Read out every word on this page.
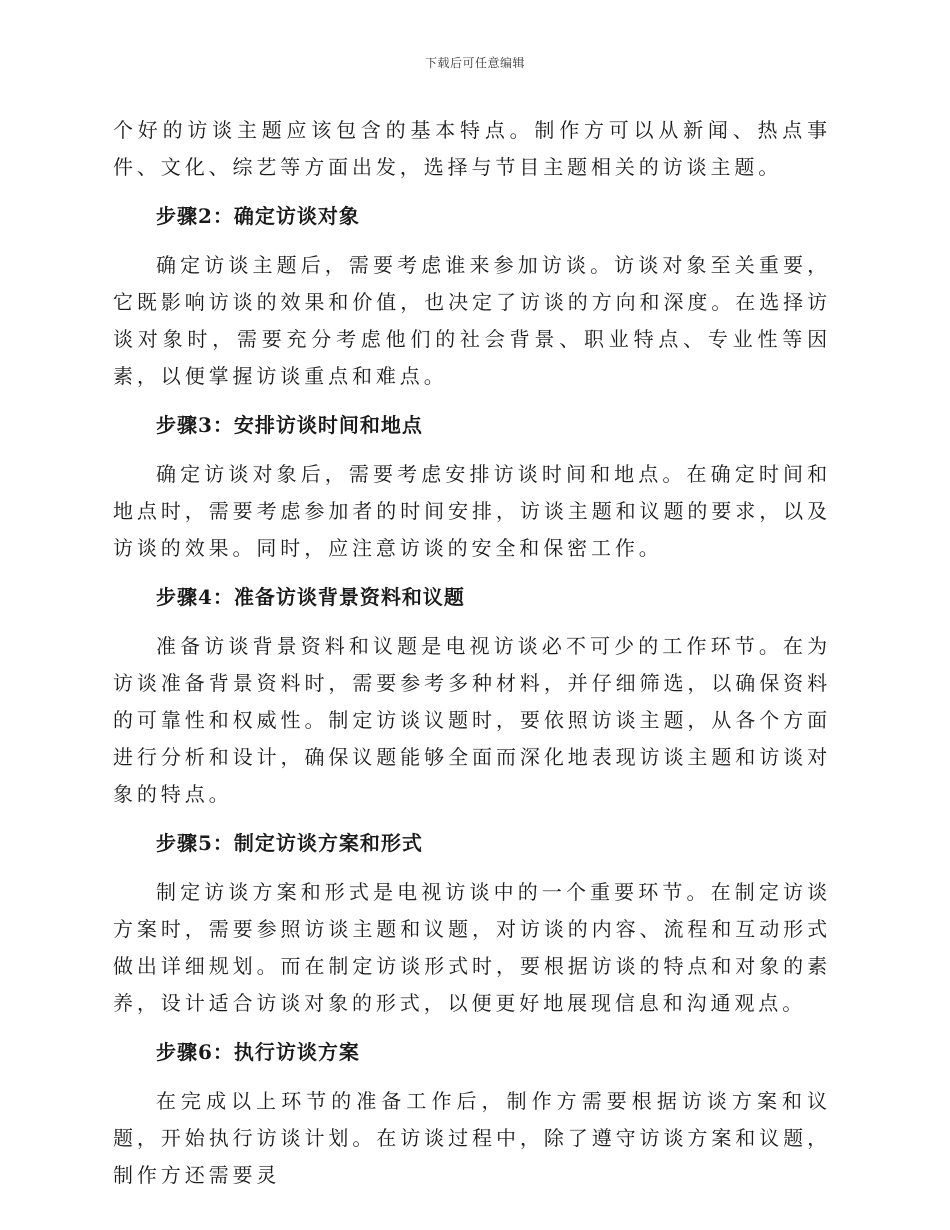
下载后可任意编辑

个好的访谈主题应该包含的基本特点。制作方可以从新闻、热点事件、文化、综艺等方面出发，选择与节目主题相关的访谈主题。

步骤2：确定访谈对象

确定访谈主题后，需要考虑谁来参加访谈。访谈对象至关重要，它既影响访谈的效果和价值，也决定了访谈的方向和深度。在选择访谈对象时，需要充分考虑他们的社会背景、职业特点、专业性等因素，以便掌握访谈重点和难点。

步骤3：安排访谈时间和地点

确定访谈对象后，需要考虑安排访谈时间和地点。在确定时间和地点时，需要考虑参加者的时间安排，访谈主题和议题的要求，以及访谈的效果。同时，应注意访谈的安全和保密工作。

步骤4：准备访谈背景资料和议题

准备访谈背景资料和议题是电视访谈必不可少的工作环节。在为访谈准备背景资料时，需要参考多种材料，并仔细筛选，以确保资料的可靠性和权威性。制定访谈议题时，要依照访谈主题，从各个方面进行分析和设计，确保议题能够全面而深化地表现访谈主题和访谈对象的特点。

步骤5：制定访谈方案和形式

制定访谈方案和形式是电视访谈中的一个重要环节。在制定访谈方案时，需要参照访谈主题和议题，对访谈的内容、流程和互动形式做出详细规划。而在制定访谈形式时，要根据访谈的特点和对象的素养，设计适合访谈对象的形式，以便更好地展现信息和沟通观点。

步骤6：执行访谈方案

在完成以上环节的准备工作后，制作方需要根据访谈方案和议题，开始执行访谈计划。在访谈过程中，除了遵守访谈方案和议题，制作方还需要灵
